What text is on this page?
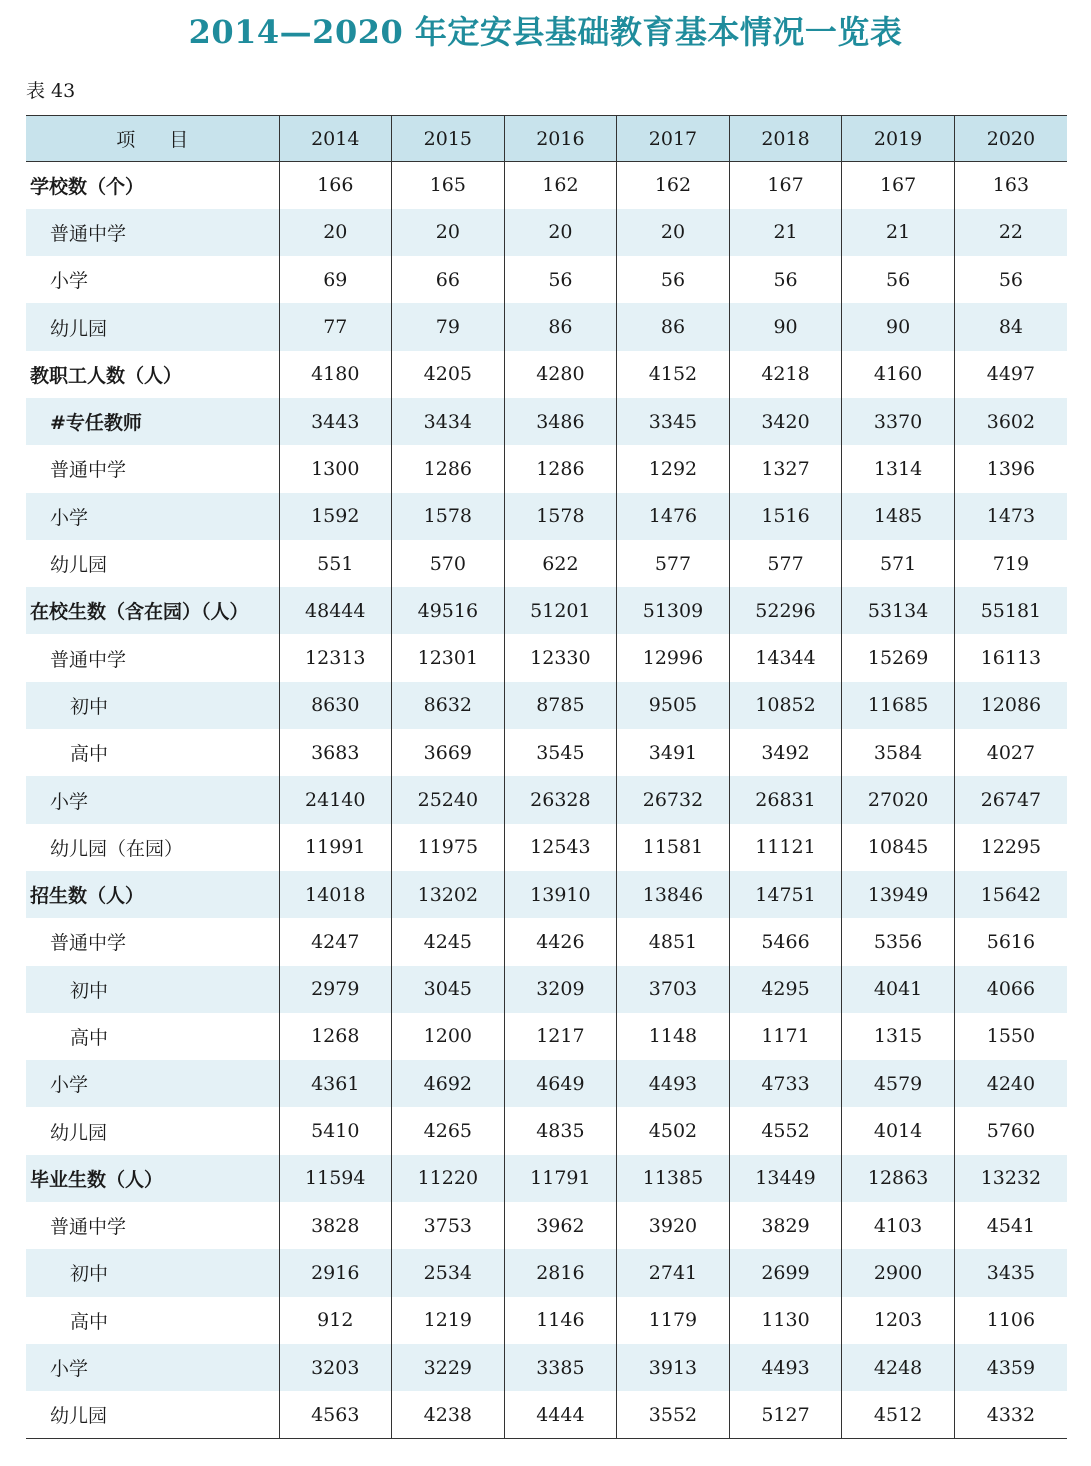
2014—2020 年定安县基础教育基本情况一览表
表 43
项目	2014	2015	2016	2017	2018	2019	2020
学校数（个）	166	165	162	162	167	167	163
普通中学	20	20	20	20	21	21	22
小学	69	66	56	56	56	56	56
幼儿园	77	79	86	86	90	90	84
教职工人数（人）	4180	4205	4280	4152	4218	4160	4497
#专任教师	3443	3434	3486	3345	3420	3370	3602
普通中学	1300	1286	1286	1292	1327	1314	1396
小学	1592	1578	1578	1476	1516	1485	1473
幼儿园	551	570	622	577	577	571	719
在校生数（含在园）（人）	48444	49516	51201	51309	52296	53134	55181
普通中学	12313	12301	12330	12996	14344	15269	16113
初中	8630	8632	8785	9505	10852	11685	12086
高中	3683	3669	3545	3491	3492	3584	4027
小学	24140	25240	26328	26732	26831	27020	26747
幼儿园（在园）	11991	11975	12543	11581	11121	10845	12295
招生数（人）	14018	13202	13910	13846	14751	13949	15642
普通中学	4247	4245	4426	4851	5466	5356	5616
初中	2979	3045	3209	3703	4295	4041	4066
高中	1268	1200	1217	1148	1171	1315	1550
小学	4361	4692	4649	4493	4733	4579	4240
幼儿园	5410	4265	4835	4502	4552	4014	5760
毕业生数（人）	11594	11220	11791	11385	13449	12863	13232
普通中学	3828	3753	3962	3920	3829	4103	4541
初中	2916	2534	2816	2741	2699	2900	3435
高中	912	1219	1146	1179	1130	1203	1106
小学	3203	3229	3385	3913	4493	4248	4359
幼儿园	4563	4238	4444	3552	5127	4512	4332
